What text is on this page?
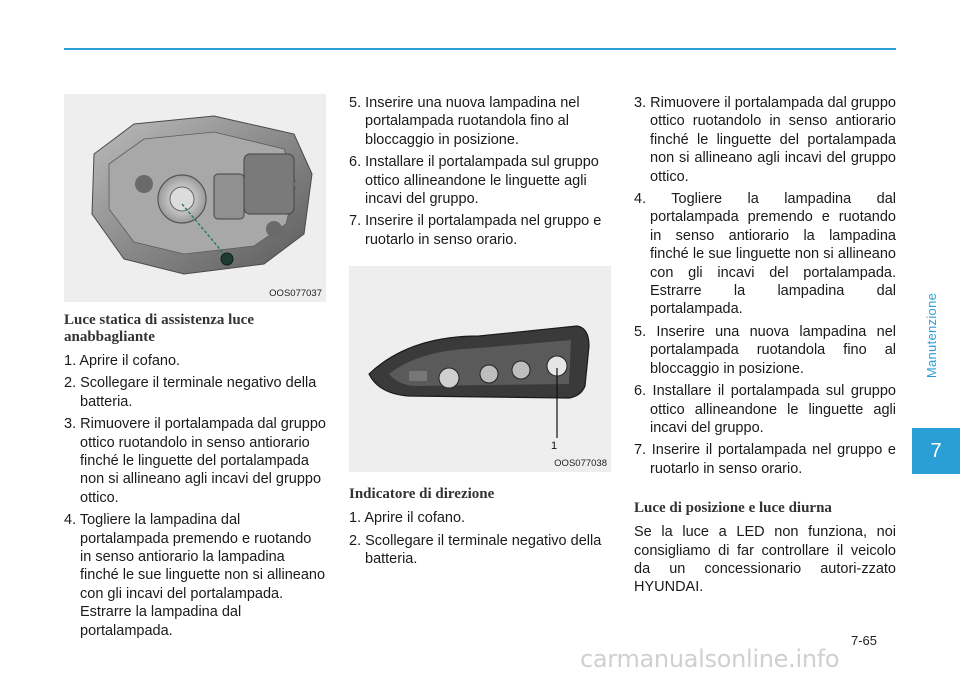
Manutenzione
7
OOS077037
Luce statica di assistenza luce anabbagliante
1. Aprire il cofano.
2. Scollegare il terminale negativo della batteria.
3. Rimuovere il portalampada dal gruppo ottico ruotandolo in senso antiorario finché le linguette del portalampada non si allineano agli incavi del gruppo ottico.
4. Togliere la lampadina dal portalampada premendo e ruotando in senso antiorario la lampadina finché le sue linguette non si allineano con gli incavi del portalampada. Estrarre la lampadina dal portalampada.
5. Inserire una nuova lampadina nel portalampada ruotandola fino al bloccaggio in posizione.
6. Installare il portalampada sul gruppo ottico allineandone le linguette agli incavi del gruppo.
7. Inserire il portalampada nel gruppo e ruotarlo in senso orario.
1
OOS077038
Indicatore di direzione
1. Aprire il cofano.
2. Scollegare il terminale negativo della batteria.
3. Rimuovere il portalampada dal gruppo ottico ruotandolo in senso antiorario finché le linguette del portalampada non si allineano agli incavi del gruppo ottico.
4. Togliere la lampadina dal portalampada premendo e ruotando in senso antiorario la lampadina finché le sue linguette non si allineano con gli incavi del portalampada. Estrarre la lampadina dal portalampada.
5. Inserire una nuova lampadina nel portalampada ruotandola fino al bloccaggio in posizione.
6. Installare il portalampada sul gruppo ottico allineandone le linguette agli incavi del gruppo.
7. Inserire il portalampada nel gruppo e ruotarlo in senso orario.
Luce di posizione e luce diurna

Se la luce a LED non funziona, noi consigliamo di far controllare il veicolo da un concessionario autori-zzato HYUNDAI.

7-65
carmanualsonline.info
